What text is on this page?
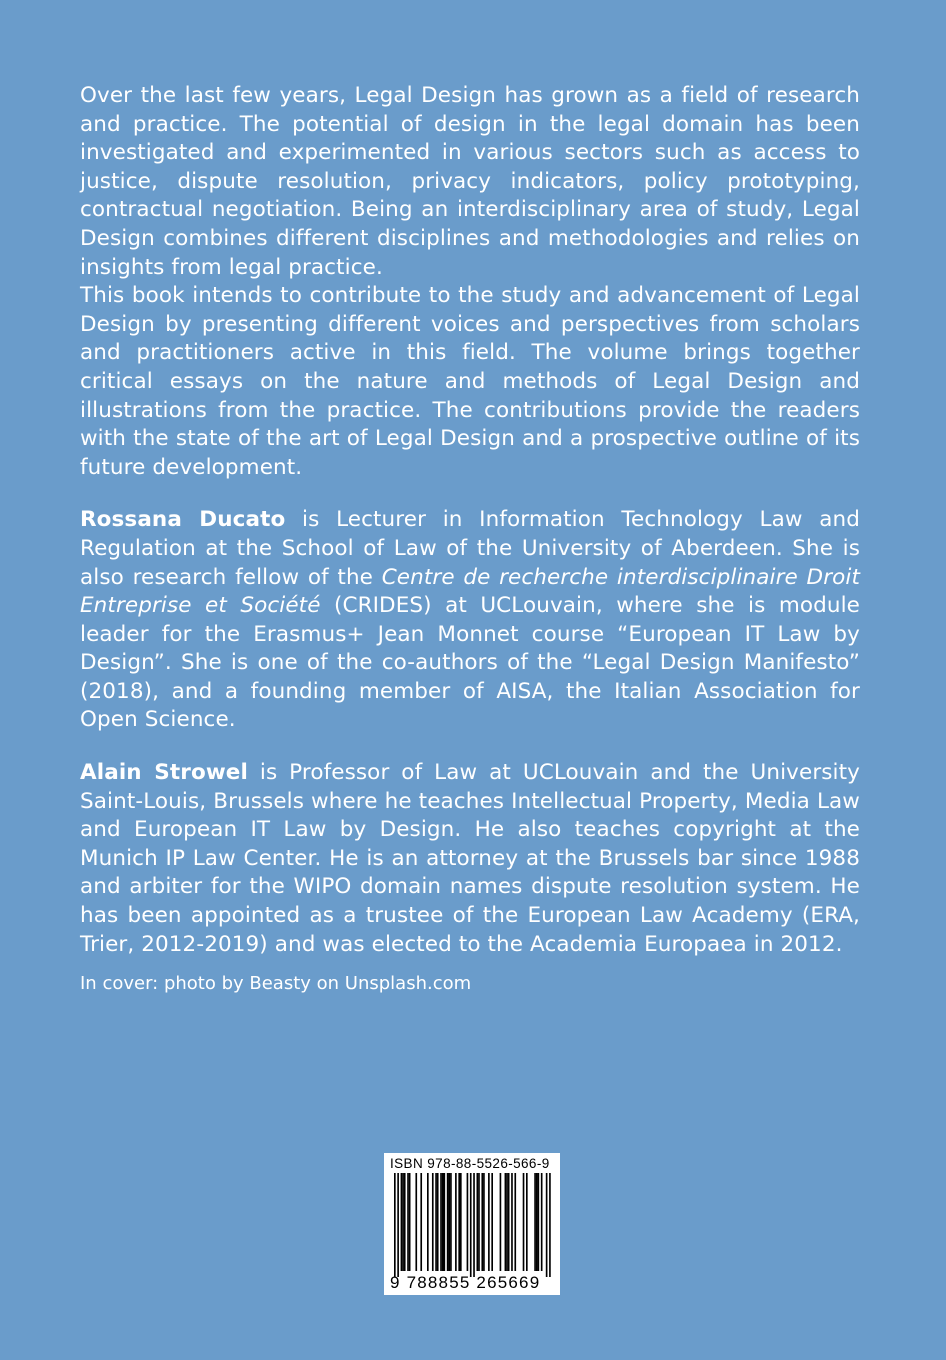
Over the last few years, Legal Design has grown as a field of research and practice. The potential of design in the legal domain has been investigated and experimented in various sectors such as access to justice, dispute resolution, privacy indicators, policy prototyping, contractual negotiation. Being an interdisciplinary area of study, Legal Design combines different disciplines and methodologies and relies on insights from legal practice.

This book intends to contribute to the study and advancement of Legal Design by presenting different voices and perspectives from scholars and practitioners active in this field. The volume brings together critical essays on the nature and methods of Legal Design and illustrations from the practice. The contributions provide the readers with the state of the art of Legal Design and a prospective outline of its future development.

Rossana Ducato is Lecturer in Information Technology Law and Regulation at the School of Law of the University of Aberdeen. She is also research fellow of the Centre de recherche interdisciplinaire Droit Entreprise et Société (CRIDES) at UCLouvain, where she is module leader for the Erasmus+ Jean Monnet course “European IT Law by Design”. She is one of the co-authors of the “Legal Design Manifesto” (2018), and a founding member of AISA, the Italian Association for Open Science.

Alain Strowel is Professor of Law at UCLouvain and the University Saint-Louis, Brussels where he teaches Intellectual Property, Media Law and European IT Law by Design. He also teaches copyright at the Munich IP Law Center. He is an attorney at the Brussels bar since 1988 and arbiter for the WIPO domain names dispute resolution system. He has been appointed as a trustee of the European Law Academy (ERA, Trier, 2012-2019) and was elected to the Academia Europaea in 2012.

In cover: photo by Beasty on Unsplash.com
ISBN 978-88-5526-566-9
9 788855 265669
